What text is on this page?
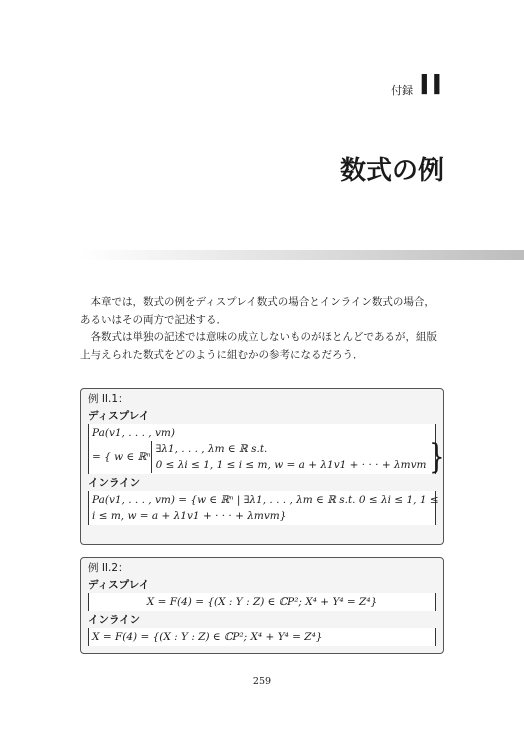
付録 II
数式の例

本章では，数式の例をディスプレイ数式の場合とインライン数式の場合，あるいはその両方で記述する．

各数式は単独の記述では意味の成立しないものがほとんどであるが，組版上与えられた数式をどのように組むかの参考になるだろう．

例 II.1：
ディスプレイ
Pa(v1, . . . , vm)
= { w ∈ ℝⁿ
∃λ1, . . . , λm ∈ ℝ s.t.
0 ≤ λi ≤ 1, 1 ≤ i ≤ m, w = a + λ1v1 + · · · + λmvm }
インライン
Pa(v1, . . . , vm) = {w ∈ ℝⁿ | ∃λ1, . . . , λm ∈ ℝ s.t. 0 ≤ λi ≤ 1, 1 ≤
i ≤ m, w = a + λ1v1 + · · · + λmvm}
例 II.2：
ディスプレイ
X = F(4) = {(X : Y : Z) ∈ ℂP²; X⁴ + Y⁴ = Z⁴}
インライン
X = F(4) = {(X : Y : Z) ∈ ℂP²; X⁴ + Y⁴ = Z⁴}
259
